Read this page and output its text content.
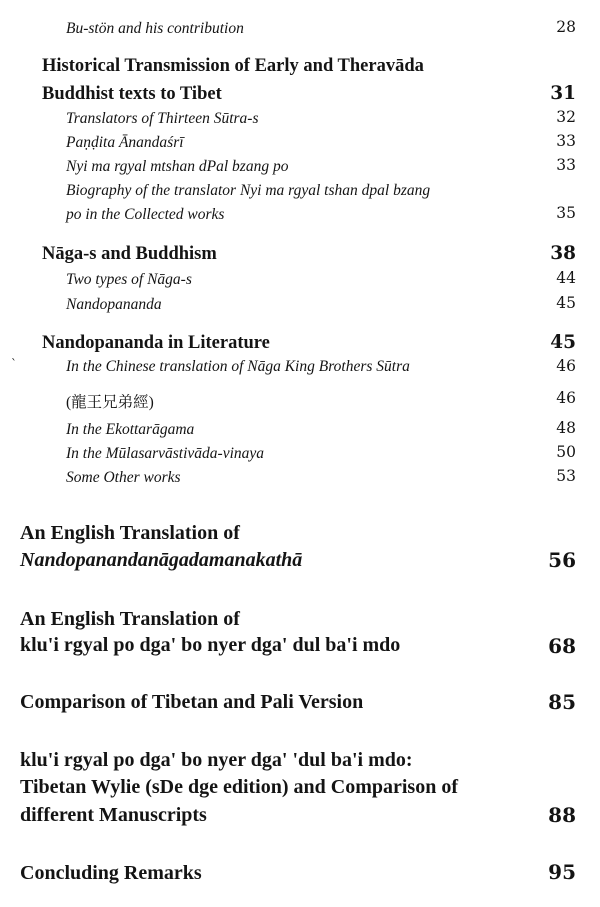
Bu-stön and his contribution	28
Historical Transmission of Early and Theravāda
Buddhist texts to Tibet	31
Translators of Thirteen Sūtra-s	32
Paṇḍita Ānandaśrī	33
Nyi ma rgyal mtshan dPal bzang po	33
Biography of the translator Nyi ma rgyal tshan dpal bzang
po in the Collected works	35
Nāga-s and Buddhism	38
Two types of Nāga-s	44
Nandopananda	45
Nandopananda in Literature	45
`	In the Chinese translation of Nāga King Brothers Sūtra	46
(龍王兄弟經)	46
In the Ekottarāgama	48
In the Mūlasarvāstivāda-vinaya	50
Some Other works	53
An English Translation of
Nandopanandanāgadamanakathā	56
An English Translation of
klu'i rgyal po dga' bo nyer dga' dul ba'i mdo	68
Comparison of Tibetan and Pali Version	85
klu'i rgyal po dga' bo nyer dga' 'dul ba'i mdo:
Tibetan Wylie (sDe dge edition) and Comparison of
different Manuscripts	88
Concluding Remarks	95
